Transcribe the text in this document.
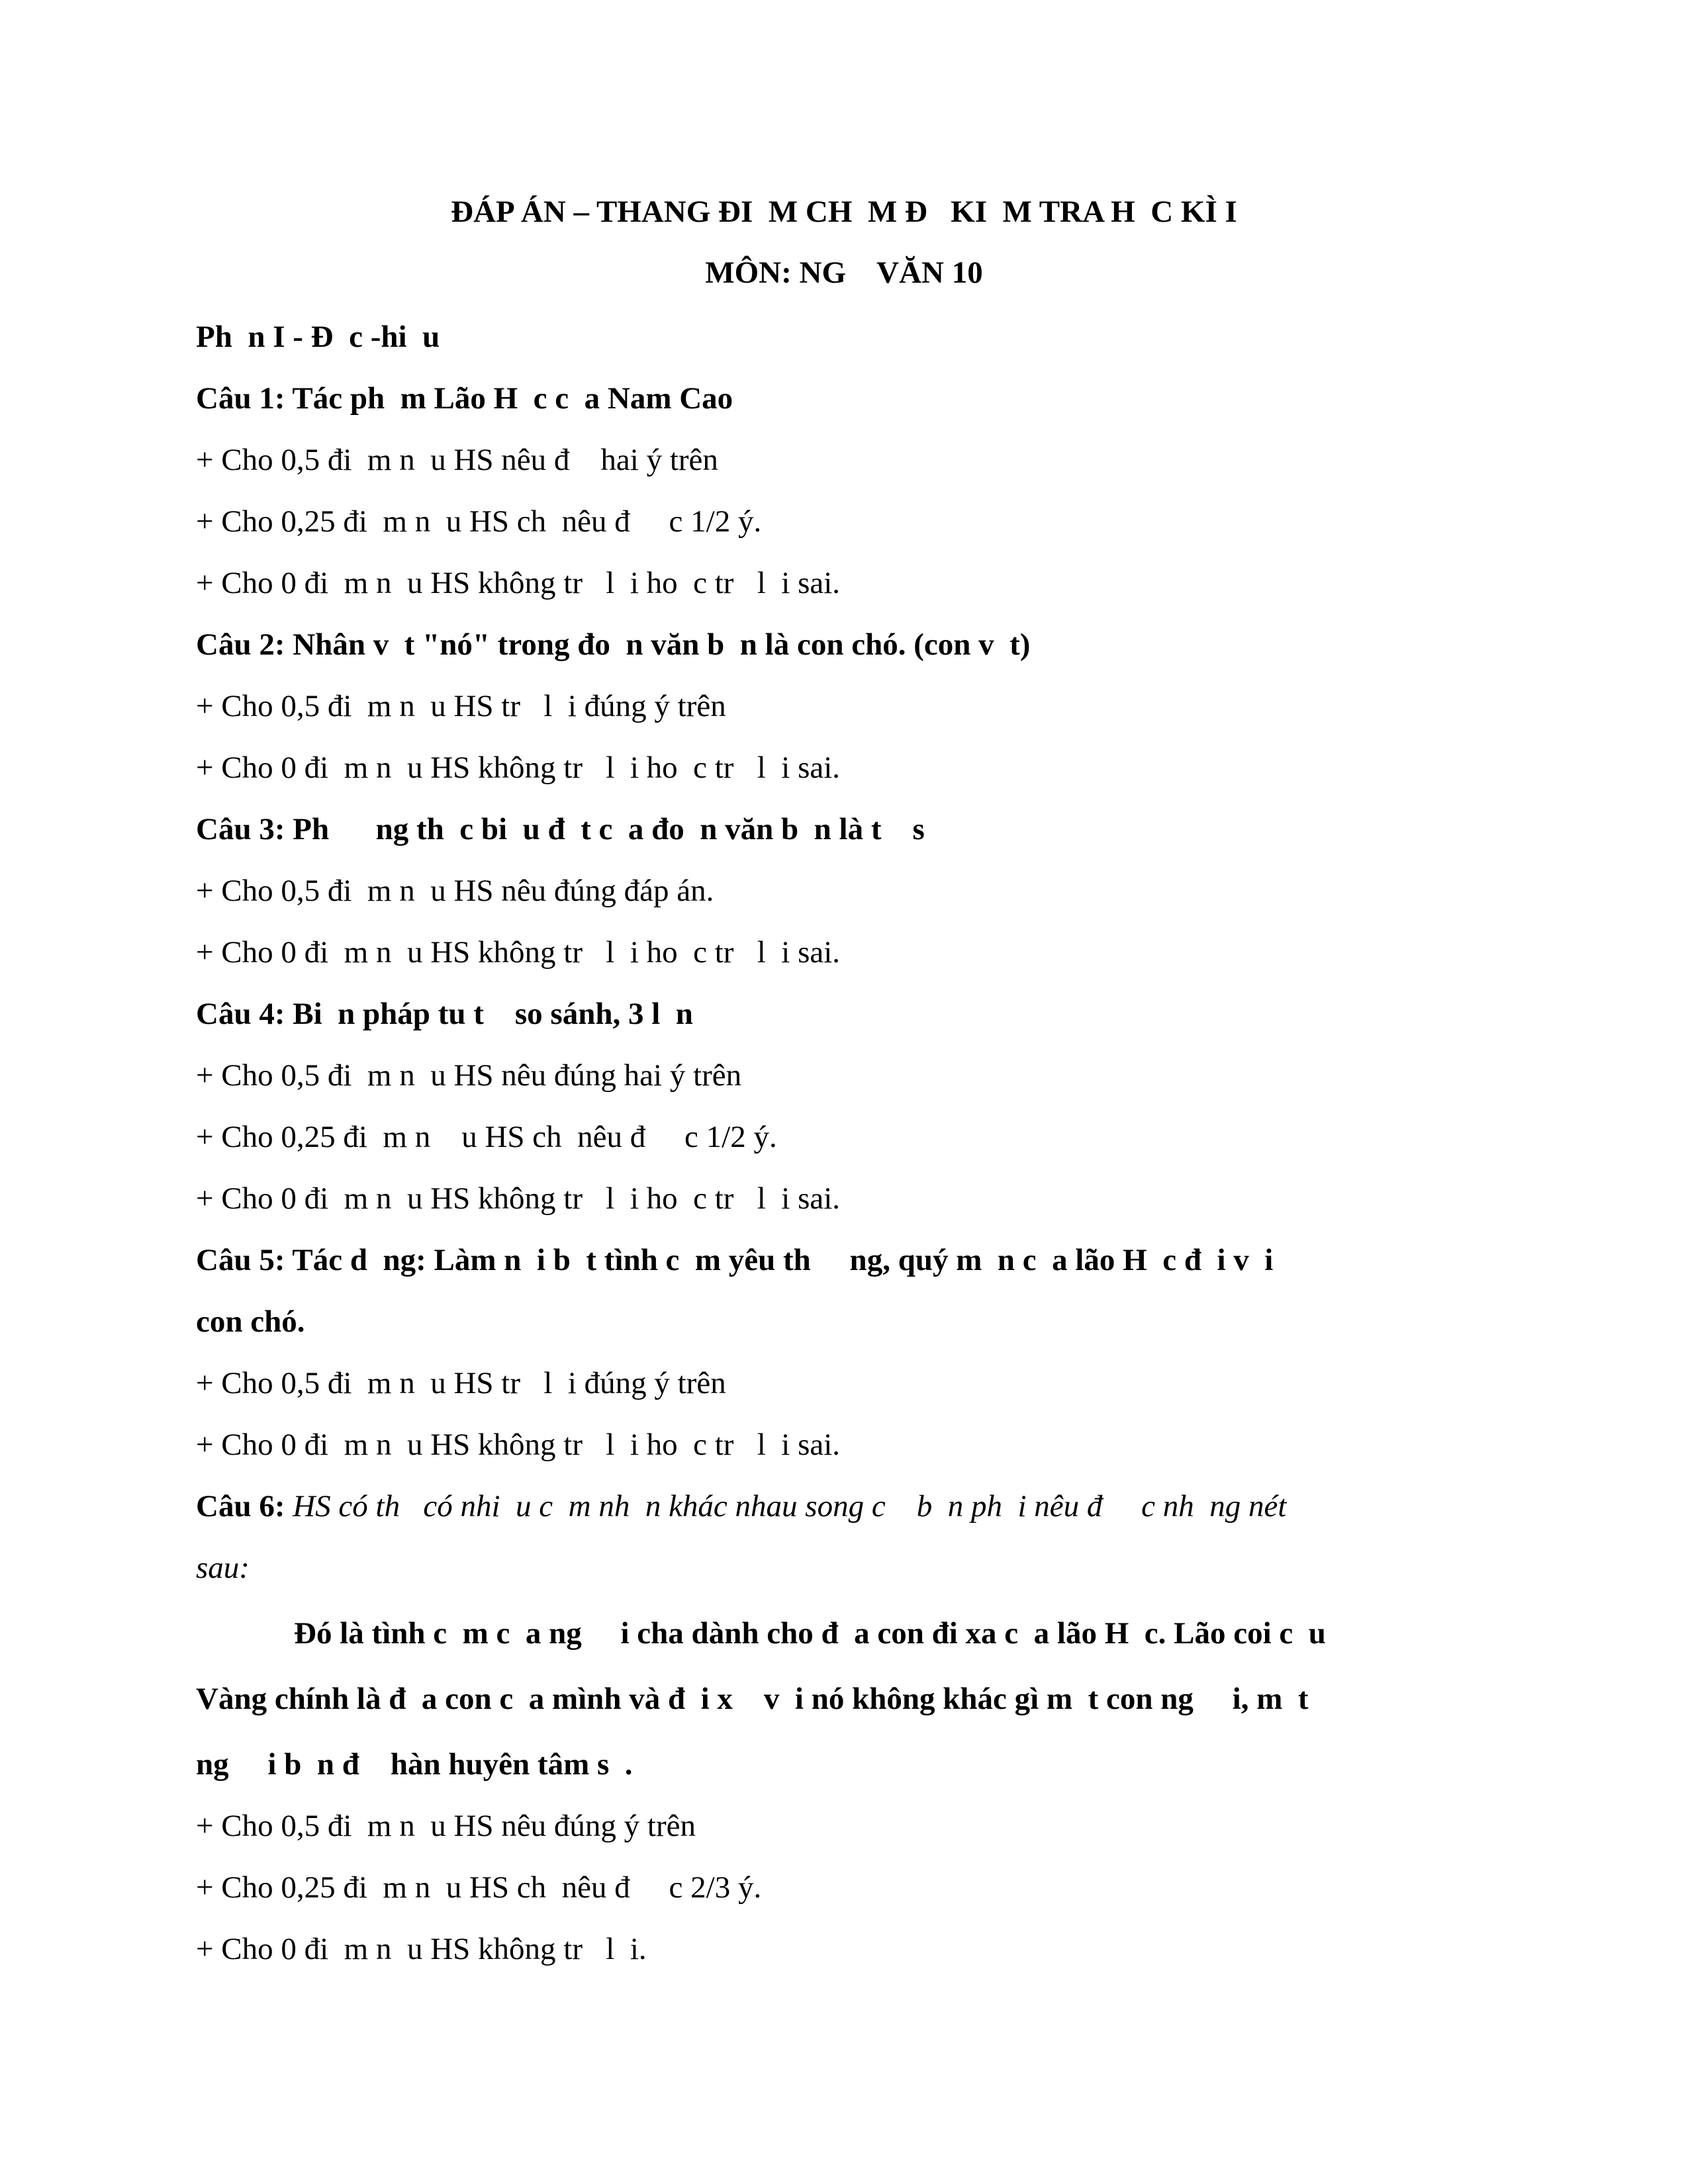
ĐÁP ÁN – THANG ĐI  M CH  M Đ   KI  M TRA H  C KÌ I
MÔN: NG    VĂN 10
Ph  n I - Đ  c -hi  u
Câu 1: Tác ph  m Lão H  c c  a Nam Cao
+ Cho 0,5 đi  m n  u HS nêu đ    hai ý trên
+ Cho 0,25 đi  m n  u HS ch  nêu đ     c 1/2 ý.
+ Cho 0 đi  m n  u HS không tr   l  i ho  c tr   l  i sai.
Câu 2: Nhân v  t "nó" trong đo  n văn b  n là con chó. (con v  t)
+ Cho 0,5 đi  m n  u HS tr   l  i đúng ý trên
+ Cho 0 đi  m n  u HS không tr   l  i ho  c tr   l  i sai.
Câu 3: Ph      ng th  c bi  u đ  t c  a đo  n văn b  n là t    s
+ Cho 0,5 đi  m n  u HS nêu đúng đáp án.
+ Cho 0 đi  m n  u HS không tr   l  i ho  c tr   l  i sai.
Câu 4: Bi  n pháp tu t    so sánh, 3 l  n
+ Cho 0,5 đi  m n  u HS nêu đúng hai ý trên
+ Cho 0,25 đi  m n    u HS ch  nêu đ     c 1/2 ý.
+ Cho 0 đi  m n  u HS không tr   l  i ho  c tr   l  i sai.
Câu 5: Tác d  ng: Làm n  i b  t tình c  m yêu th     ng, quý m  n c  a lão H  c đ  i v  i
con chó.
+ Cho 0,5 đi  m n  u HS tr   l  i đúng ý trên
+ Cho 0 đi  m n  u HS không tr   l  i ho  c tr   l  i sai.
Câu 6: HS có th   có nhi  u c  m nh  n khác nhau song c    b  n ph  i nêu đ     c nh  ng nét
sau:
Đó là tình c  m c  a ng     i cha dành cho đ  a con đi xa c  a lão H  c. Lão coi c  u
Vàng chính là đ  a con c  a mình và đ  i x    v  i nó không khác gì m  t con ng     i, m  t
ng     i b  n đ    hàn huyên tâm s  .
+ Cho 0,5 đi  m n  u HS nêu đúng ý trên
+ Cho 0,25 đi  m n  u HS ch  nêu đ     c 2/3 ý.
+ Cho 0 đi  m n  u HS không tr   l  i.
